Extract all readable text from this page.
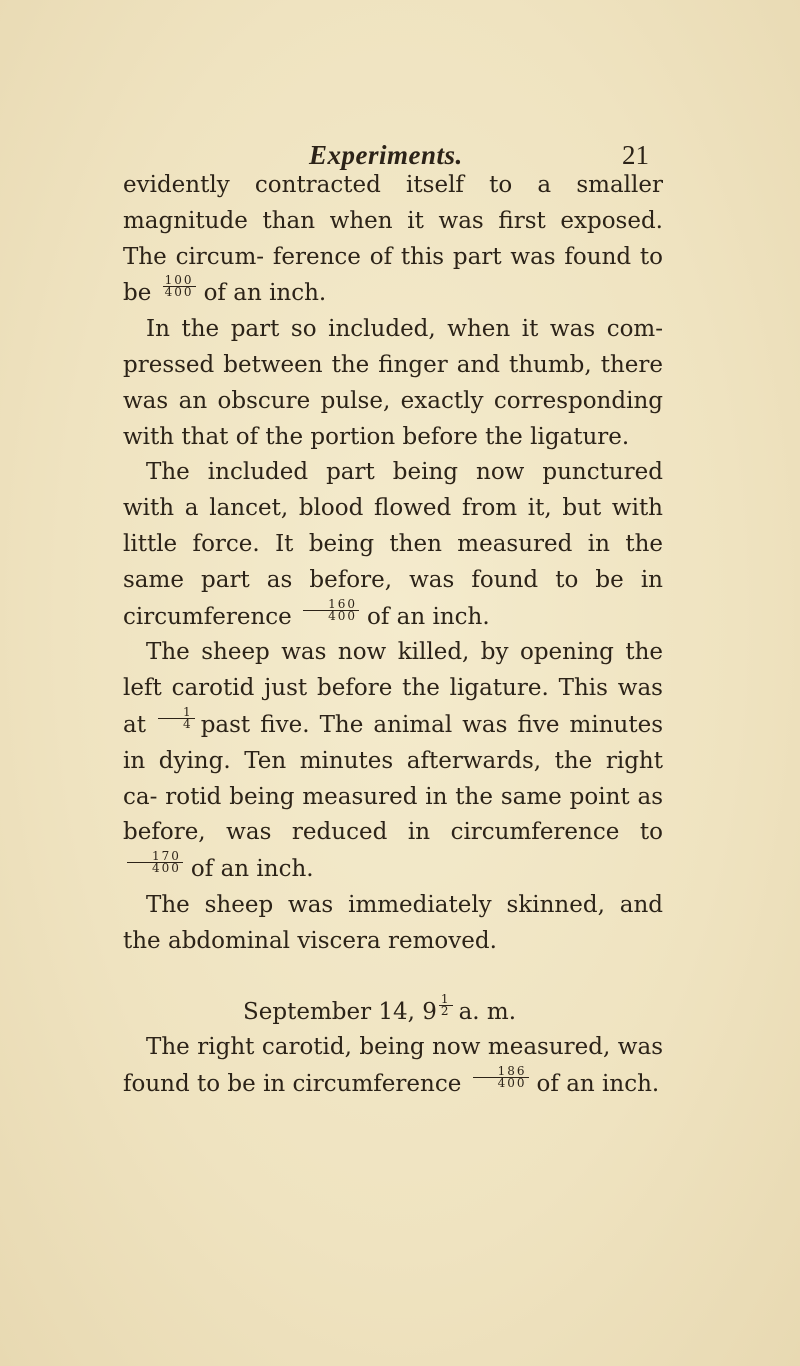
Experiments.	21

evidently contracted itself to a smaller magnitude than when it was first exposed. The circum- ference of this part was found to be $\frac{100}{400}$ of an inch.

In the part so included, when it was com- pressed between the finger and thumb, there was an obscure pulse, exactly corresponding with that of the portion before the ligature.

The included part being now punctured with a lancet, blood flowed from it, but with little force. It being then measured in the same part as before, was found to be in circumference $\frac{160}{400}$ of an inch.

The sheep was now killed, by opening the left carotid just before the ligature. This was at $\frac{1}{4}$ past five. The animal was five minutes in dying. Ten minutes afterwards, the right ca- rotid being measured in the same point as before, was reduced in circumference to
$\frac{170}{400}$ of an inch.

The sheep was immediately skinned, and the abdominal viscera removed.

September 14, $9 \frac{1}{2} a$. m.

The right carotid, being now measured, was found to be in circumference $\frac{186}{400}$ of an inch.
